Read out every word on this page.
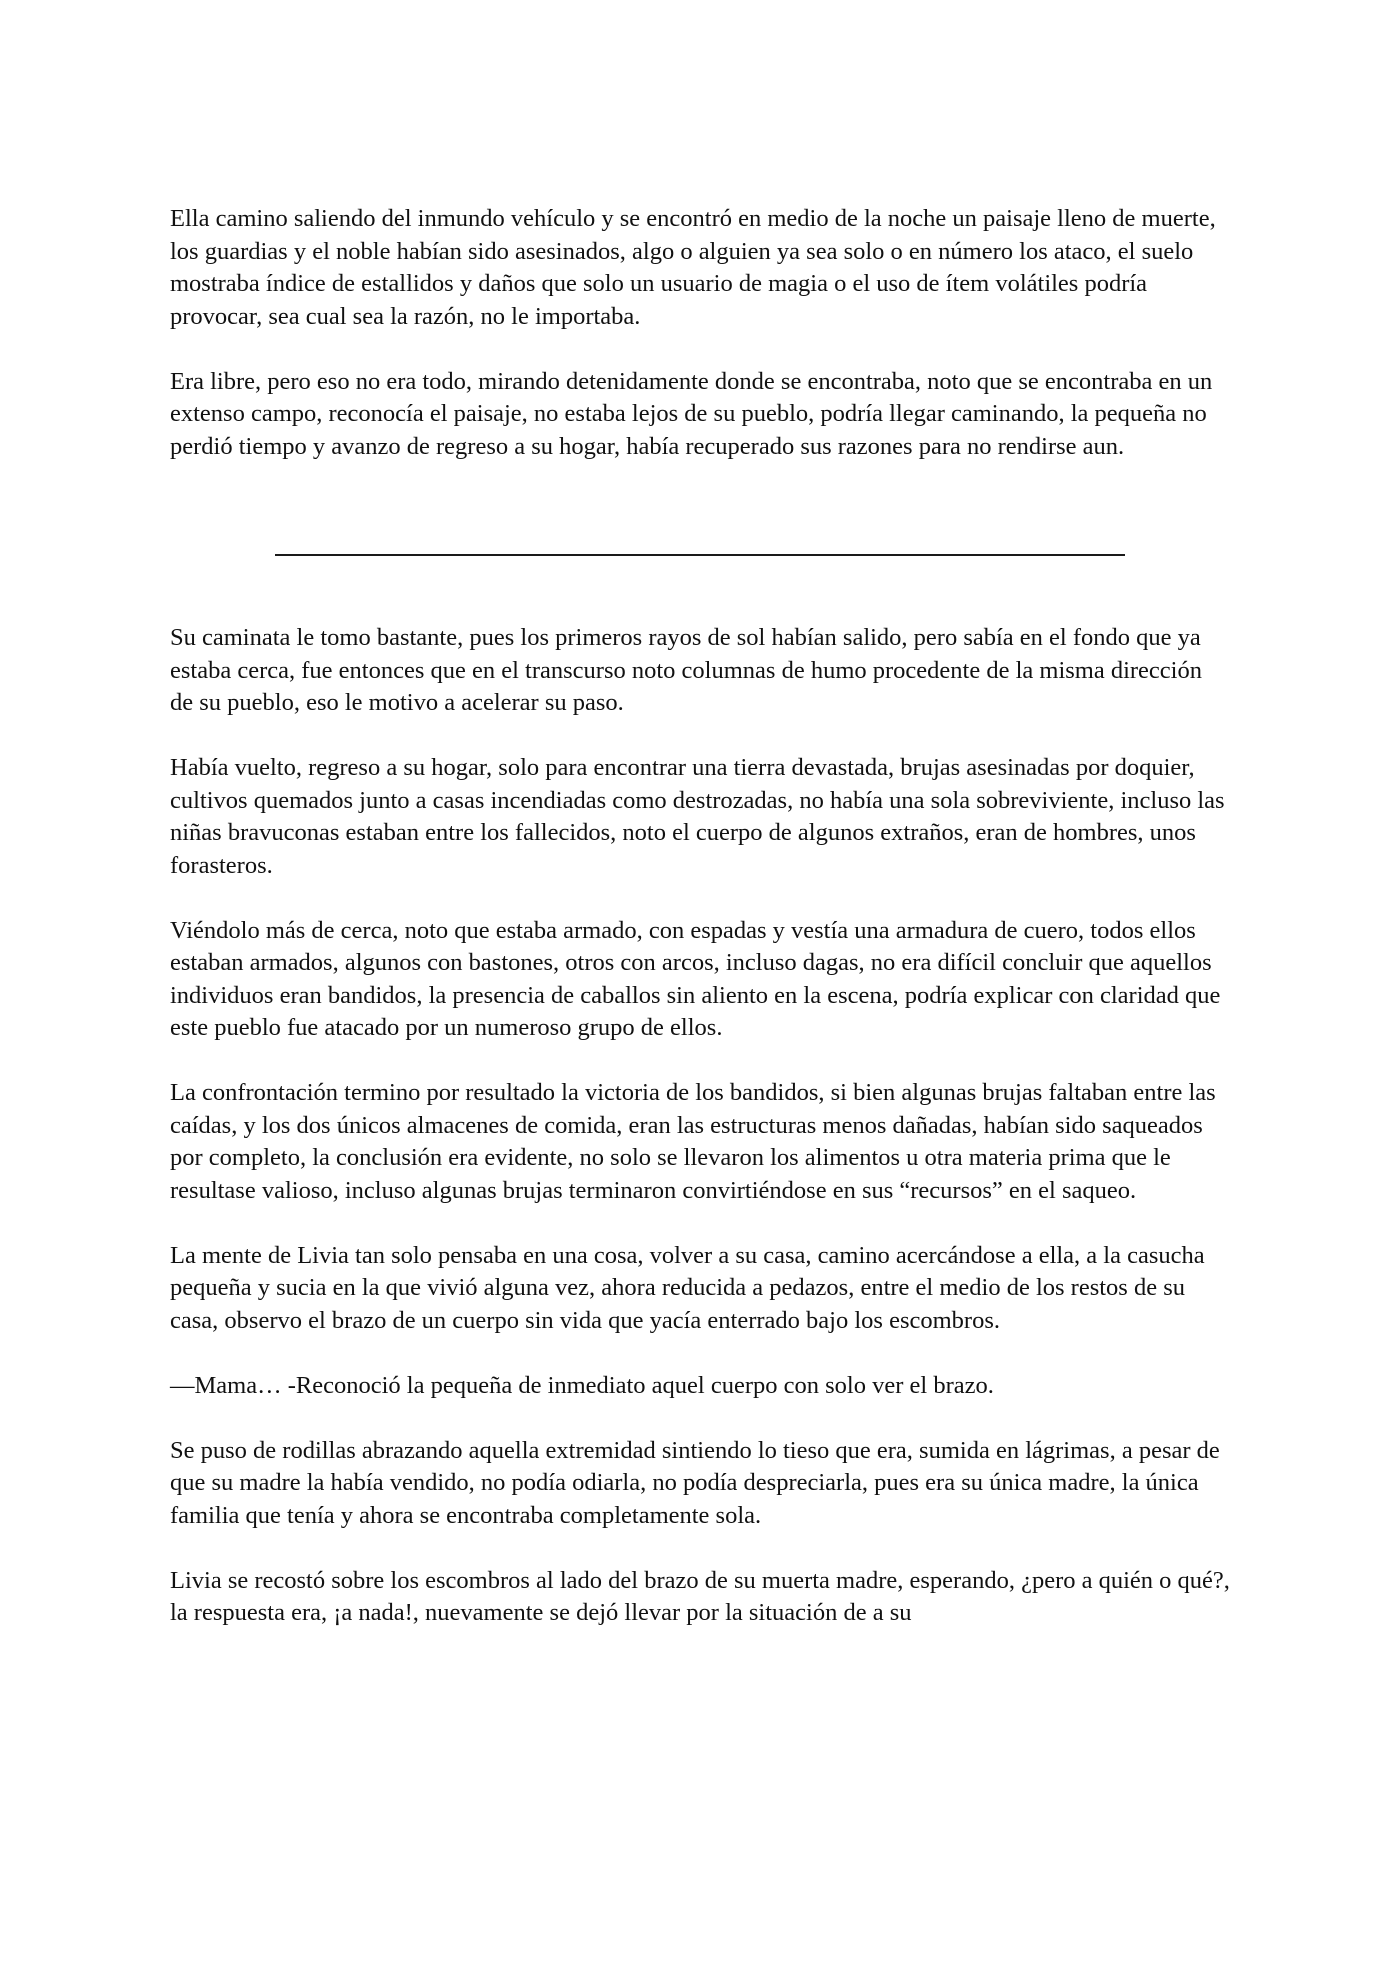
Ella camino saliendo del inmundo vehículo y se encontró en medio de la noche un paisaje lleno de muerte, los guardias y el noble habían sido asesinados, algo o alguien ya sea solo o en número los ataco, el suelo mostraba índice de estallidos y daños que solo un usuario de magia o el uso de ítem volátiles podría provocar, sea cual sea la razón, no le importaba.

Era libre, pero eso no era todo, mirando detenidamente donde se encontraba, noto que se encontraba en un extenso campo, reconocía el paisaje, no estaba lejos de su pueblo, podría llegar caminando, la pequeña no perdió tiempo y avanzo de regreso a su hogar, había recuperado sus razones para no rendirse aun.

Su caminata le tomo bastante, pues los primeros rayos de sol habían salido, pero sabía en el fondo que ya estaba cerca, fue entonces que en el transcurso noto columnas de humo procedente de la misma dirección de su pueblo, eso le motivo a acelerar su paso.

Había vuelto, regreso a su hogar, solo para encontrar una tierra devastada, brujas asesinadas por doquier, cultivos quemados junto a casas incendiadas como destrozadas, no había una sola sobreviviente, incluso las niñas bravuconas estaban entre los fallecidos, noto el cuerpo de algunos extraños, eran de hombres, unos forasteros.

Viéndolo más de cerca, noto que estaba armado, con espadas y vestía una armadura de cuero, todos ellos estaban armados, algunos con bastones, otros con arcos, incluso dagas, no era difícil concluir que aquellos individuos eran bandidos, la presencia de caballos sin aliento en la escena, podría explicar con claridad que este pueblo fue atacado por un numeroso grupo de ellos.

La confrontación termino por resultado la victoria de los bandidos, si bien algunas brujas faltaban entre las caídas, y los dos únicos almacenes de comida, eran las estructuras menos dañadas, habían sido saqueados por completo, la conclusión era evidente, no solo se llevaron los alimentos u otra materia prima que le resultase valioso, incluso algunas brujas terminaron convirtiéndose en sus “recursos” en el saqueo.

La mente de Livia tan solo pensaba en una cosa, volver a su casa, camino acercándose a ella, a la casucha pequeña y sucia en la que vivió alguna vez, ahora reducida a pedazos, entre el medio de los restos de su casa, observo el brazo de un cuerpo sin vida que yacía enterrado bajo los escombros.

—Mama… -Reconoció la pequeña de inmediato aquel cuerpo con solo ver el brazo.

Se puso de rodillas abrazando aquella extremidad sintiendo lo tieso que era, sumida en lágrimas, a pesar de que su madre la había vendido, no podía odiarla, no podía despreciarla, pues era su única madre, la única familia que tenía y ahora se encontraba completamente sola.

Livia se recostó sobre los escombros al lado del brazo de su muerta madre, esperando, ¿pero a quién o qué?, la respuesta era, ¡a nada!, nuevamente se dejó llevar por la situación de a su
